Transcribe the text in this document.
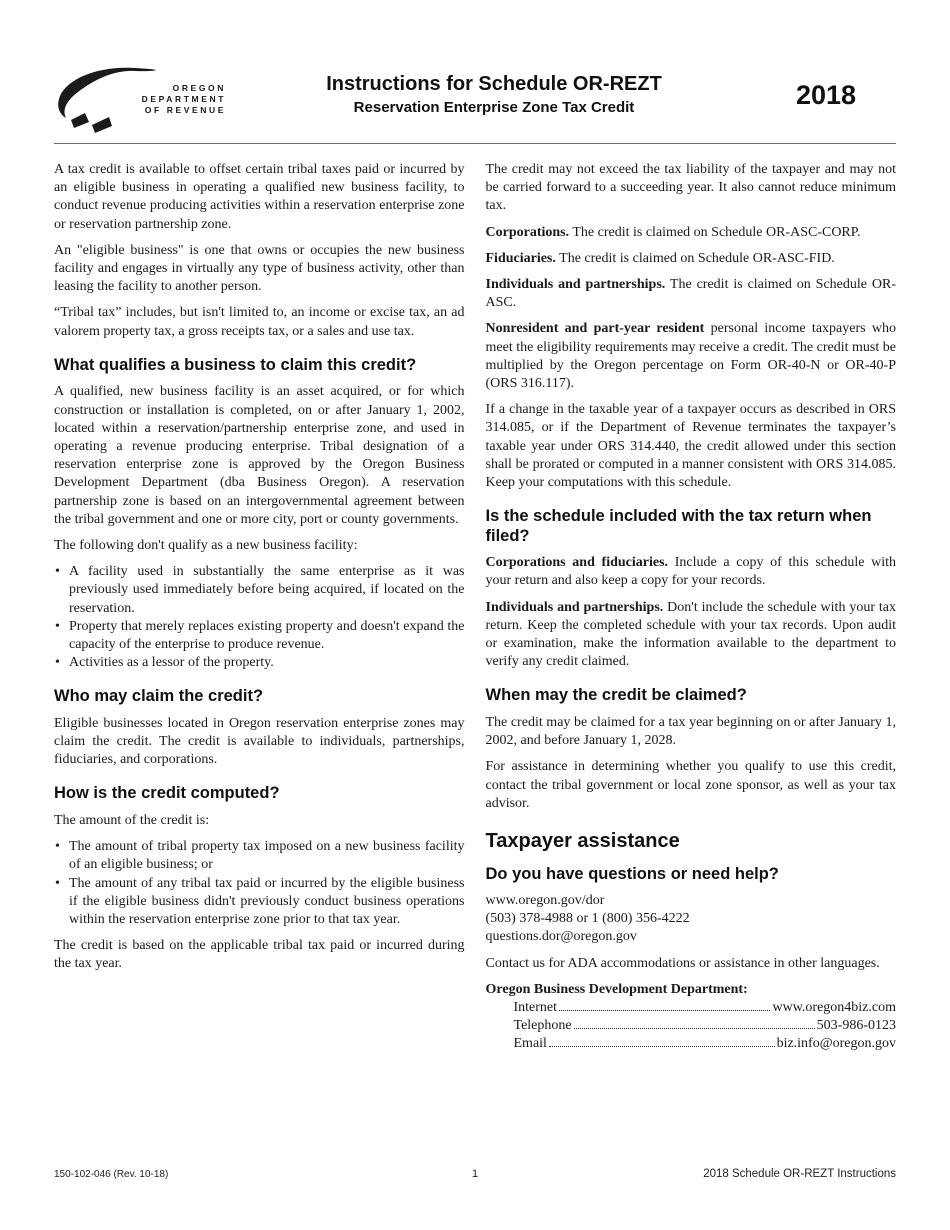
OREGON
DEPARTMENT
OF REVENUE
Instructions for Schedule OR-REZT
Reservation Enterprise Zone Tax Credit	2018

A tax credit is available to offset certain tribal taxes paid or incurred by an eligible business in operating a qualified new business facility, to conduct revenue producing activities within a reservation enterprise zone or reservation partnership zone.

An "eligible business" is one that owns or occupies the new business facility and engages in virtually any type of business activity, other than leasing the facility to another person.

“Tribal tax” includes, but isn't limited to, an income or excise tax, an ad valorem property tax, a gross receipts tax, or a sales and use tax.

What qualifies a business to claim this credit?

A qualified, new business facility is an asset acquired, or for which construction or installation is completed, on or after January 1, 2002, located within a reservation/partnership enterprise zone, and used in operating a revenue producing enterprise. Tribal designation of a reservation enterprise zone is approved by the Oregon Business Development Department (dba Business Oregon). A reservation partnership zone is based on an intergovernmental agreement between the tribal government and one or more city, port or county governments.

The following don't qualify as a new business facility:

• A facility used in substantially the same enterprise as it was previously used immediately before being acquired, if located on the reservation.
• Property that merely replaces existing property and doesn't expand the capacity of the enterprise to produce revenue.
• Activities as a lessor of the property.
Who may claim the credit?

Eligible businesses located in Oregon reservation enterprise zones may claim the credit. The credit is available to individuals, partnerships, fiduciaries, and corporations.

How is the credit computed?

The amount of the credit is:

• The amount of tribal property tax imposed on a new business facility of an eligible business; or
• The amount of any tribal tax paid or incurred by the eligible business if the eligible business didn't previously conduct business operations within the reservation enterprise zone prior to that tax year.

The credit is based on the applicable tribal tax paid or incurred during the tax year.

The credit may not exceed the tax liability of the taxpayer and may not be carried forward to a succeeding year. It also cannot reduce minimum tax.

Corporations. The credit is claimed on Schedule OR-ASC-CORP.

Fiduciaries. The credit is claimed on Schedule OR-ASC-FID.

Individuals and partnerships. The credit is claimed on Schedule OR-ASC.

Nonresident and part-year resident personal income taxpayers who meet the eligibility requirements may receive a credit. The credit must be multiplied by the Oregon percentage on Form OR-40-N or OR-40-P (ORS 316.117).

If a change in the taxable year of a taxpayer occurs as described in ORS 314.085, or if the Department of Revenue terminates the taxpayer’s taxable year under ORS 314.440, the credit allowed under this section shall be prorated or computed in a manner consistent with ORS 314.085. Keep your computations with this schedule.

Is the schedule included with the tax return when filed?

Corporations and fiduciaries. Include a copy of this schedule with your return and also keep a copy for your records.

Individuals and partnerships. Don't include the schedule with your tax return. Keep the completed schedule with your tax records. Upon audit or examination, make the information available to the department to verify any credit claimed.

When may the credit be claimed?

The credit may be claimed for a tax year beginning on or after January 1, 2002, and before January 1, 2028.

For assistance in determining whether you qualify to use this credit, contact the tribal government or local zone sponsor, as well as your tax advisor.

Taxpayer assistance
Do you have questions or need help?
www.oregon.gov/dor
(503) 378-4988 or 1 (800) 356-4222
questions.dor@oregon.gov

Contact us for ADA accommodations or assistance in other languages.

Oregon Business Development Department:
Internet	www.oregon4biz.com
Telephone	503-986-0123
Email	biz.info@oregon.gov
150-102-046 (Rev. 10-18)	1	2018 Schedule OR-REZT Instructions
